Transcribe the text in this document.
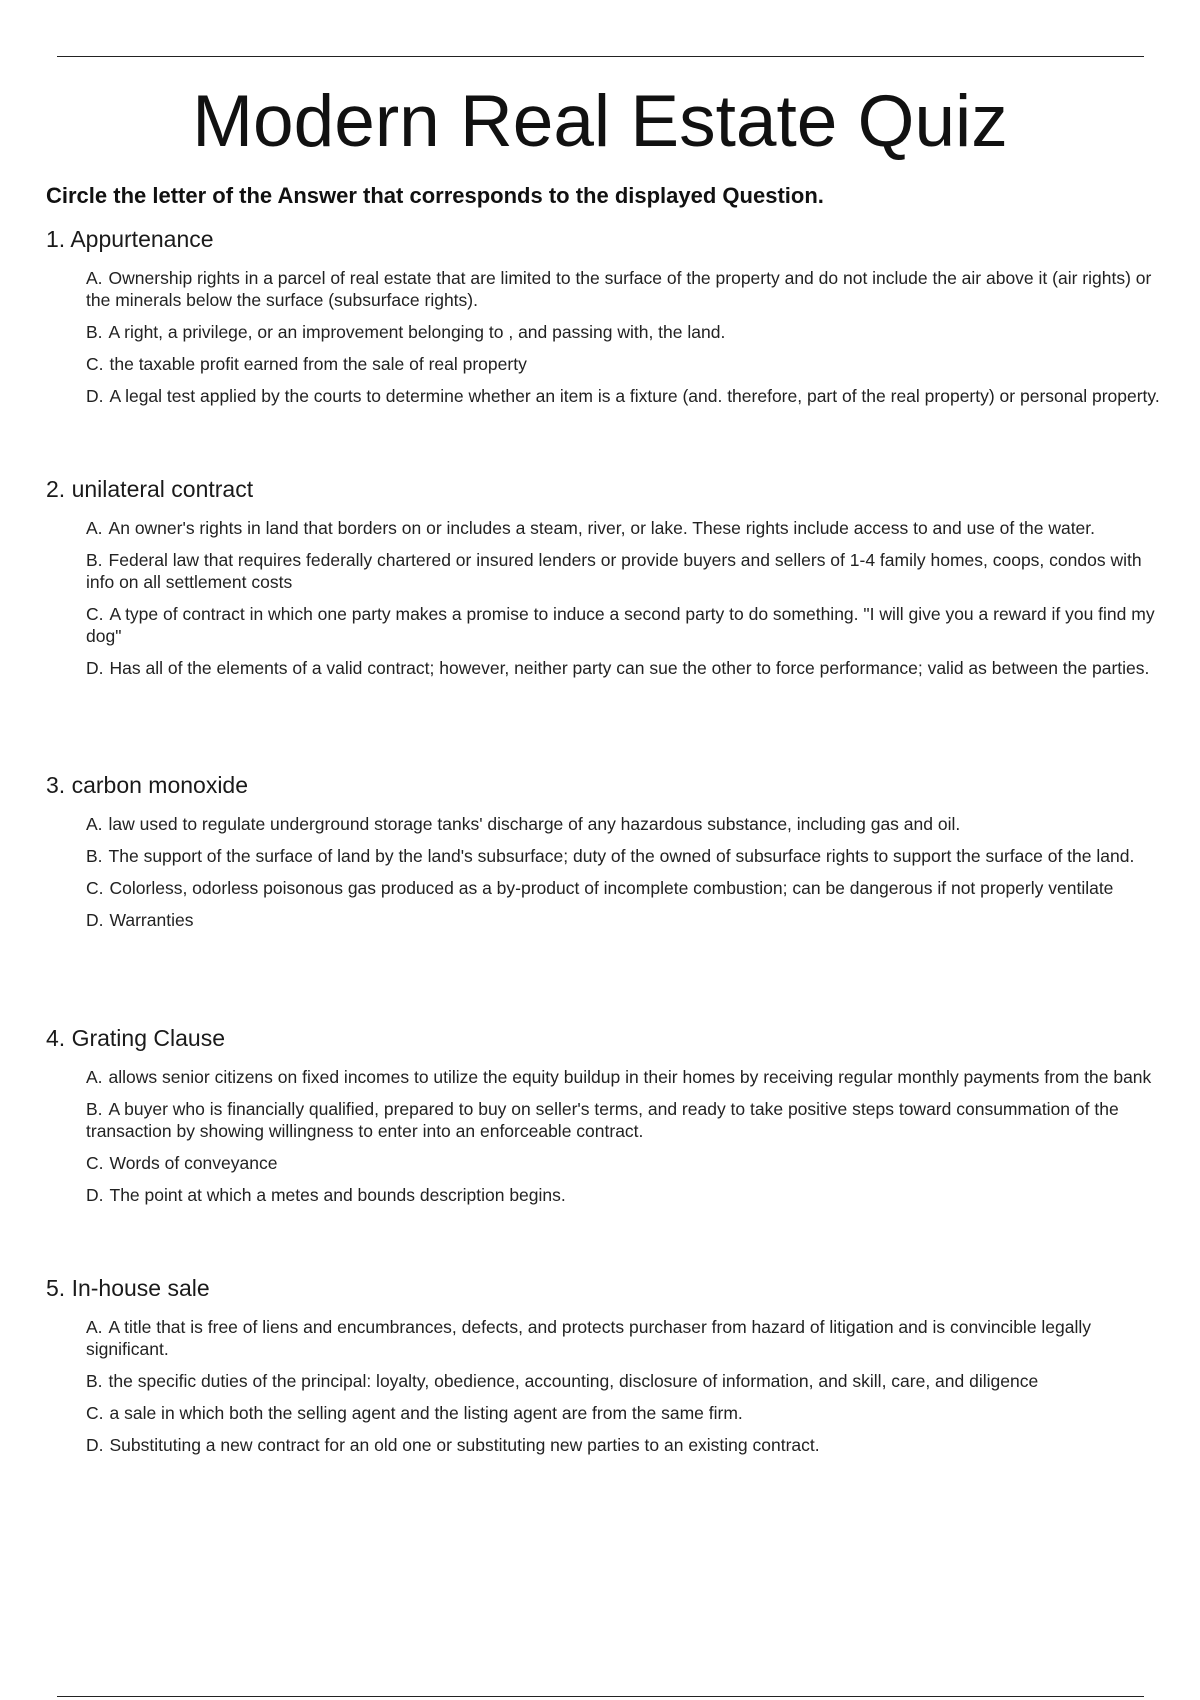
Modern Real Estate Quiz

Circle the letter of the Answer that corresponds to the displayed Question.

1. Appurtenance

A. Ownership rights in a parcel of real estate that are limited to the surface of the property and do not include the air above it (air rights) or the minerals below the surface (subsurface rights).
B. A right, a privilege, or an improvement belonging to , and passing with, the land.
C. the taxable profit earned from the sale of real property
D. A legal test applied by the courts to determine whether an item is a fixture (and. therefore, part of the real property) or personal property.

2. unilateral contract

A. An owner's rights in land that borders on or includes a steam, river, or lake. These rights include access to and use of the water.
B. Federal law that requires federally chartered or insured lenders or provide buyers and sellers of 1-4 family homes, coops, condos with info on all settlement costs
C. A type of contract in which one party makes a promise to induce a second party to do something. "I will give you a reward if you find my dog"
D. Has all of the elements of a valid contract; however, neither party can sue the other to force performance; valid as between the parties.

3. carbon monoxide

A. law used to regulate underground storage tanks' discharge of any hazardous substance, including gas and oil.
B. The support of the surface of land by the land's subsurface; duty of the owned of subsurface rights to support the surface of the land.
C. Colorless, odorless poisonous gas produced as a by-product of incomplete combustion; can be dangerous if not properly ventilate
D. Warranties

4. Grating Clause

A. allows senior citizens on fixed incomes to utilize the equity buildup in their homes by receiving regular monthly payments from the bank
B. A buyer who is financially qualified, prepared to buy on seller's terms, and ready to take positive steps toward consummation of the transaction by showing willingness to enter into an enforceable contract.
C. Words of conveyance
D. The point at which a metes and bounds description begins.

5. In-house sale

A. A title that is free of liens and encumbrances, defects, and protects purchaser from hazard of litigation and is convincible legally significant.
B. the specific duties of the principal: loyalty, obedience, accounting, disclosure of information, and skill, care, and diligence
C. a sale in which both the selling agent and the listing agent are from the same firm.
D. Substituting a new contract for an old one or substituting new parties to an existing contract.
